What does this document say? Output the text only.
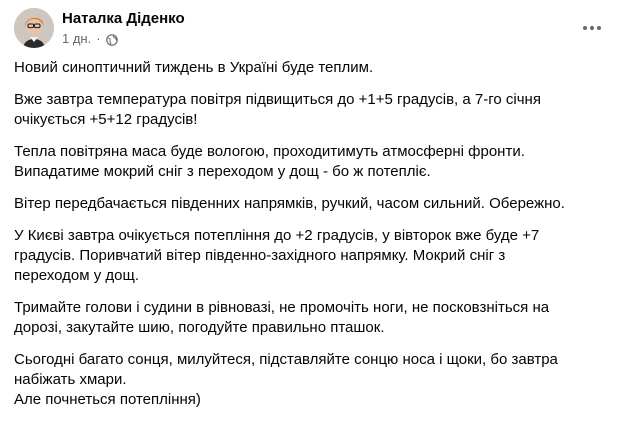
Наталка Діденко
1 дн. ·
Новий синоптичний тиждень в Україні буде теплим.
Вже завтра температура повітря підвищиться до +1+5 градусів, а 7-го січня
очікується +5+12 градусів!
Тепла повітряна маса буде вологою, проходитимуть атмосферні фронти.
Випадатиме мокрий сніг з переходом у дощ - бо ж потепліє.
Вітер передбачається південних напрямків, ручкий, часом сильний. Обережно.
У Києві завтра очікується потепління до +2 градусів, у вівторок вже буде +7
градусів. Поривчатий вітер південно-західного напрямку. Мокрий сніг з
переходом у дощ.
Тримайте голови і судини в рівновазі, не промочіть ноги, не посковзніться на
дорозі, закутайте шию, погодуйте правильно пташок.
Сьогодні багато сонця, милуйтеся, підставляйте сонцю носа і щоки, бо завтра
набіжать хмари.
Але почнеться потепління)
